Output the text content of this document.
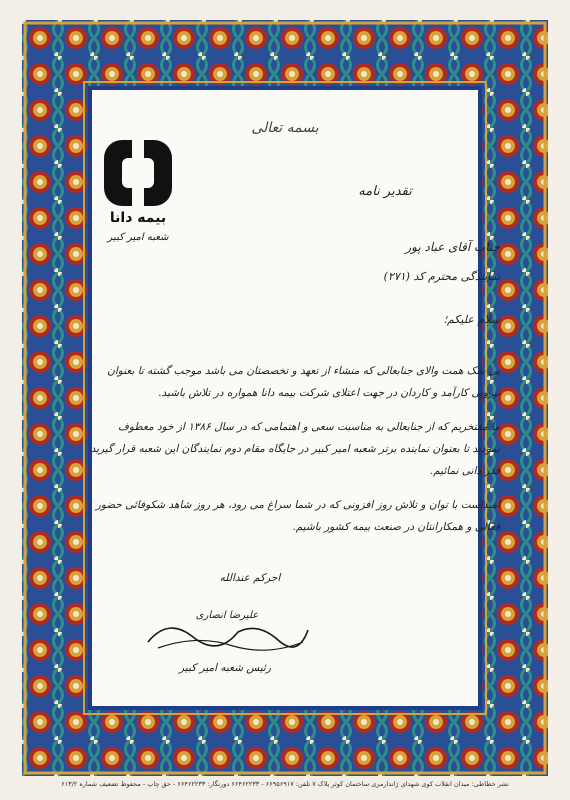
بسمه تعالی
بیمه دانا
شعبه امیر کبیر
تقدیر نامه
جناب آقای عباد پور
نمایندگی محترم کد (۲۷۱)
سلام علیکم؛

بی شک همت والای جنابعالی که منشاء از تعهد و تخصصتان می باشد موجب گشته تا بعنوان نیرویی کارآمد و کاردان در جهت اعتلای شرکت بیمه دانا همواره در تلاش باشید.

ما مفتخریم که از جنابعالی به مناسبت سعی و اهتمامی که در سال ۱۳۸۶ از خود معطوف نمودید تا بعنوان نماینده برتر شعبه امیر کبیر در جایگاه مقام دوم نمایندگان این شعبه قرار گیرید قدر دانی نمائیم.

امیداست با توان و تلاش روز افزونی که در شما سراغ می رود، هر روز شاهد شکوفائی حضور فعالی و همکارانتان در صنعت بیمه کشور باشیم.

اجرکم عندالله
علیرضا انصاری
رئیس شعبه امیر کبیر
نشر خطاطی: میدان انقلاب کوی شهدای ژاندارمری ساختمان کوثر پلاک ۷ تلفن: ۶۶۹۵۶۹۱۷ - ۶۶۴۶۲۲۳۳ دورنگار: ۶۶۴۶۲۲۳۳ - حق چاپ - محفوظ تضعیف شماره ۶۱۳/۲
